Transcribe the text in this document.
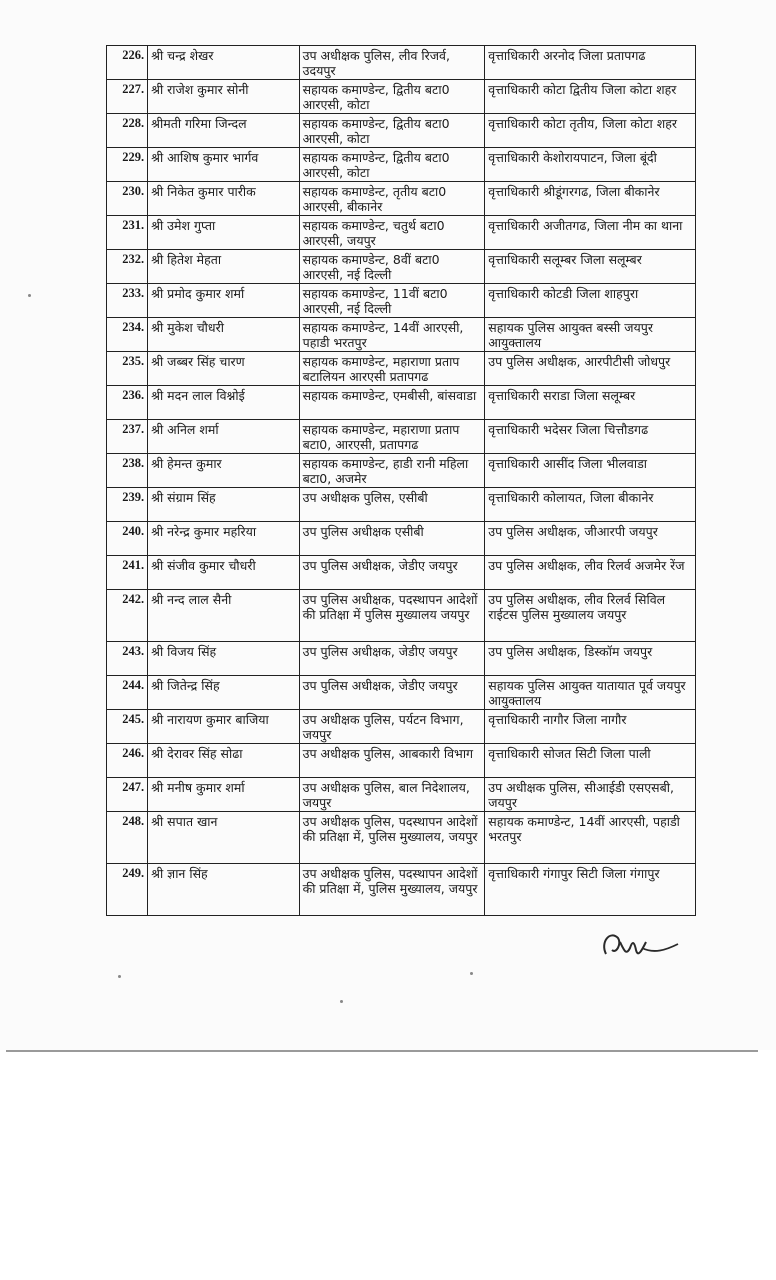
226.	श्री चन्द्र शेखर	उप अधीक्षक पुलिस, लीव रिजर्व, उदयपुर	वृत्ताधिकारी अरनोद जिला प्रतापगढ
227.	श्री राजेश कुमार सोनी	सहायक कमाण्डेन्ट, द्वितीय बटा0 आरएसी, कोटा	वृत्ताधिकारी कोटा द्वितीय जिला कोटा शहर
228.	श्रीमती गरिमा जिन्दल	सहायक कमाण्डेन्ट, द्वितीय बटा0 आरएसी, कोटा	वृत्ताधिकारी कोटा तृतीय, जिला कोटा शहर
229.	श्री आशिष कुमार भार्गव	सहायक कमाण्डेन्ट, द्वितीय बटा0 आरएसी, कोटा	वृत्ताधिकारी केशोरायपाटन, जिला बूंदी
230.	श्री निकेत कुमार पारीक	सहायक कमाण्डेन्ट, तृतीय बटा0 आरएसी, बीकानेर	वृत्ताधिकारी श्रीडूंगरगढ, जिला बीकानेर
231.	श्री उमेश गुप्ता	सहायक कमाण्डेन्ट, चतुर्थ बटा0 आरएसी, जयपुर	वृत्ताधिकारी अजीतगढ, जिला नीम का थाना
232.	श्री हितेश मेहता	सहायक कमाण्डेन्ट, 8वीं बटा0 आरएसी, नई दिल्ली	वृत्ताधिकारी सलूम्बर जिला सलूम्बर
233.	श्री प्रमोद कुमार शर्मा	सहायक कमाण्डेन्ट, 11वीं बटा0 आरएसी, नई दिल्ली	वृत्ताधिकारी कोटडी जिला शाहपुरा
234.	श्री मुकेश चौधरी	सहायक कमाण्डेन्ट, 14वीं आरएसी, पहाडी भरतपुर	सहायक पुलिस आयुक्त बस्सी जयपुर आयुक्तालय
235.	श्री जब्बर सिंह चारण	सहायक कमाण्डेन्ट, महाराणा प्रताप बटालियन आरएसी प्रतापगढ	उप पुलिस अधीक्षक, आरपीटीसी जोधपुर
236.	श्री मदन लाल विश्नोई	सहायक कमाण्डेन्ट, एमबीसी, बांसवाडा	वृत्ताधिकारी सराडा जिला सलूम्बर
237.	श्री अनिल शर्मा	सहायक कमाण्डेन्ट, महाराणा प्रताप बटा0, आरएसी, प्रतापगढ	वृत्ताधिकारी भदेसर जिला चित्तौडगढ
238.	श्री हेमन्त कुमार	सहायक कमाण्डेन्ट, हाडी रानी महिला बटा0, अजमेर	वृत्ताधिकारी आसींद जिला भीलवाडा
239.	श्री संग्राम सिंह	उप अधीक्षक पुलिस, एसीबी	वृत्ताधिकारी कोलायत, जिला बीकानेर
240.	श्री नरेन्द्र कुमार महरिया	उप पुलिस अधीक्षक एसीबी	उप पुलिस अधीक्षक, जीआरपी जयपुर
241.	श्री संजीव कुमार चौधरी	उप पुलिस अधीक्षक, जेडीए जयपुर	उप पुलिस अधीक्षक, लीव रिलर्व अजमेर रेंज
242.	श्री नन्द लाल सैनी	उप पुलिस अधीक्षक, पदस्थापन आदेशों की प्रतिक्षा में पुलिस मुख्यालय जयपुर	उप पुलिस अधीक्षक, लीव रिलर्व सिविल राईटस पुलिस मुख्यालय जयपुर
243.	श्री विजय सिंह	उप पुलिस अधीक्षक, जेडीए जयपुर	उप पुलिस अधीक्षक, डिस्कॉम जयपुर
244.	श्री जितेन्द्र सिंह	उप पुलिस अधीक्षक, जेडीए जयपुर	सहायक पुलिस आयुक्त यातायात पूर्व जयपुर आयुक्तालय
245.	श्री नारायण कुमार बाजिया	उप अधीक्षक पुलिस, पर्यटन विभाग, जयपुर	वृत्ताधिकारी नागौर जिला नागौर
246.	श्री देरावर सिंह सोढा	उप अधीक्षक पुलिस, आबकारी विभाग	वृत्ताधिकारी सोजत सिटी जिला पाली
247.	श्री मनीष कुमार शर्मा	उप अधीक्षक पुलिस, बाल निदेशालय, जयपुर	उप अधीक्षक पुलिस, सीआईडी एसएसबी, जयपुर
248.	श्री सपात खान	उप अधीक्षक पुलिस, पदस्थापन आदेशों की प्रतिक्षा में, पुलिस मुख्यालय, जयपुर	सहायक कमाण्डेन्ट, 14वीं आरएसी, पहाडी भरतपुर
249.	श्री ज्ञान सिंह	उप अधीक्षक पुलिस, पदस्थापन आदेशों की प्रतिक्षा में, पुलिस मुख्यालय, जयपुर	वृत्ताधिकारी गंगापुर सिटी जिला गंगापुर
